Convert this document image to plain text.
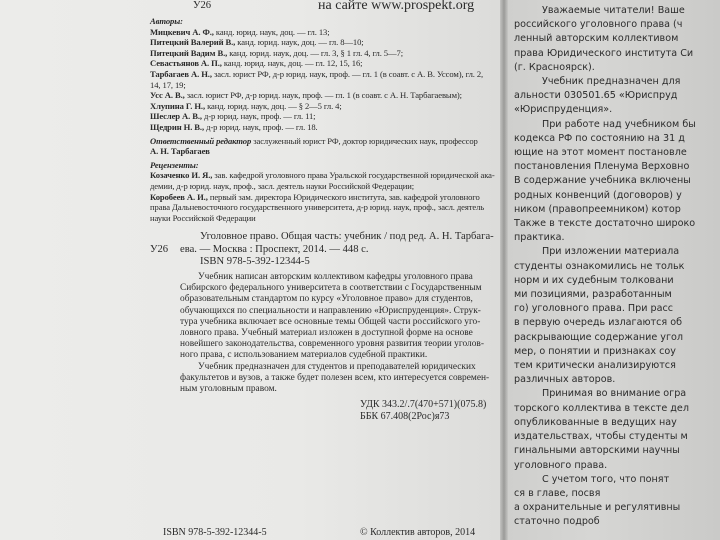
У26	на сайте www.prospekt.org
Авторы:
Мицкевич А. Ф., канд. юрид. наук, доц. — гл. 13;
Питецкий Валерий В., канд. юрид. наук, доц. — гл. 8—10;
Питецкий Вадим В., канд. юрид. наук, доц. — гл. 3, § 1 гл. 4, гл. 5—7;
Севастьянов А. П., канд. юрид. наук, доц. — гл. 12, 15, 16;
Тарбагаев А. Н., засл. юрист РФ, д-р юрид. наук, проф. — гл. 1 (в соавт. с А. В. Уссом), гл. 2,
14, 17, 19;
Усс А. В., засл. юрист РФ, д-р юрид. наук, проф. — гл. 1 (в соавт. с А. Н. Тарбагаевым);
Хлупина Г. Н., канд. юрид. наук, доц. — § 2—5 гл. 4;
Шеслер А. В., д-р юрид. наук, проф. — гл. 11;
Щедрин Н. В., д-р юрид. наук, проф. — гл. 18.
Ответственный редактор заслуженный юрист РФ, доктор юридических наук, профессор
А. Н. Тарбагаев
Рецензенты:
Козаченко И. Я., зав. кафедрой уголовного права Уральской государственной юридической ака- демии, д-р юрид. наук, проф., засл. деятель науки Российской Федерации;
Коробеев А. И., первый зам. директора Юридического института, зав. кафедрой уголовного права Дальневосточного государственного университета, д-р юрид. наук, проф., засл. деятель науки Российской Федерации
У26
Уголовное право. Общая часть: учебник / под ред. А. Н. Тарбага- ева. — Москва : Проспект, 2014. — 448 с.
ISBN 978-5-392-12344-5
Учебник написан авторским коллективом кафедры уголовного права
Сибирского федерального университета в соответствии с Государственным
образовательным стандартом по курсу «Уголовное право» для студентов,
обучающихся по специальности и направлению «Юриспруденция». Струк-
тура учебника включает все основные темы Общей части российского уго-
ловного права. Учебный материал изложен в доступной форме на основе
новейшего законодательства, современного уровня развития теории уголов-
ного права, с использованием материалов судебной практики.
Учебник предназначен для студентов и преподавателей юридических
факультетов и вузов, а также будет полезен всем, кто интересуется современ-
ным уголовным правом.
УДК 343.2/.7(470+571)(075.8)
ББК 67.408(2Рос)я73
ISBN 978-5-392-12344-5	© Коллектив авторов, 2014
Уважаемые читатели! Ваше
российского уголовного права (ч
ленный авторским коллективом
права Юридического института Си
(г. Красноярск).
Учебник предназначен для
альности 030501.65 «Юриспруд
«Юриспруденция».
При работе над учебником бы
кодекса РФ по состоянию на 31 д
ющие на этот момент постановле
постановления Пленума Верховно
В содержание учебника включены
родных конвенций (договоров) у
ником (правопреемником) котор
Также в тексте достаточно широко
практика.
При изложении материала
студенты ознакомились не тольк
норм и их судебным толковани
ми позициями, разработанным
го) уголовного права. При расс
в первую очередь излагаются об
раскрывающие содержание угол
мер, о понятии и признаках соу
тем критически анализируются
различных авторов.
Принимая во внимание огра
торского коллектива в тексте дел
опубликованные в ведущих нау
издательствах, чтобы студенты м
гинальными авторскими научны
уголовного права.
С учетом того, что понят
ся в главе, посвя
а охранительные и регулятивны
статочно подроб
